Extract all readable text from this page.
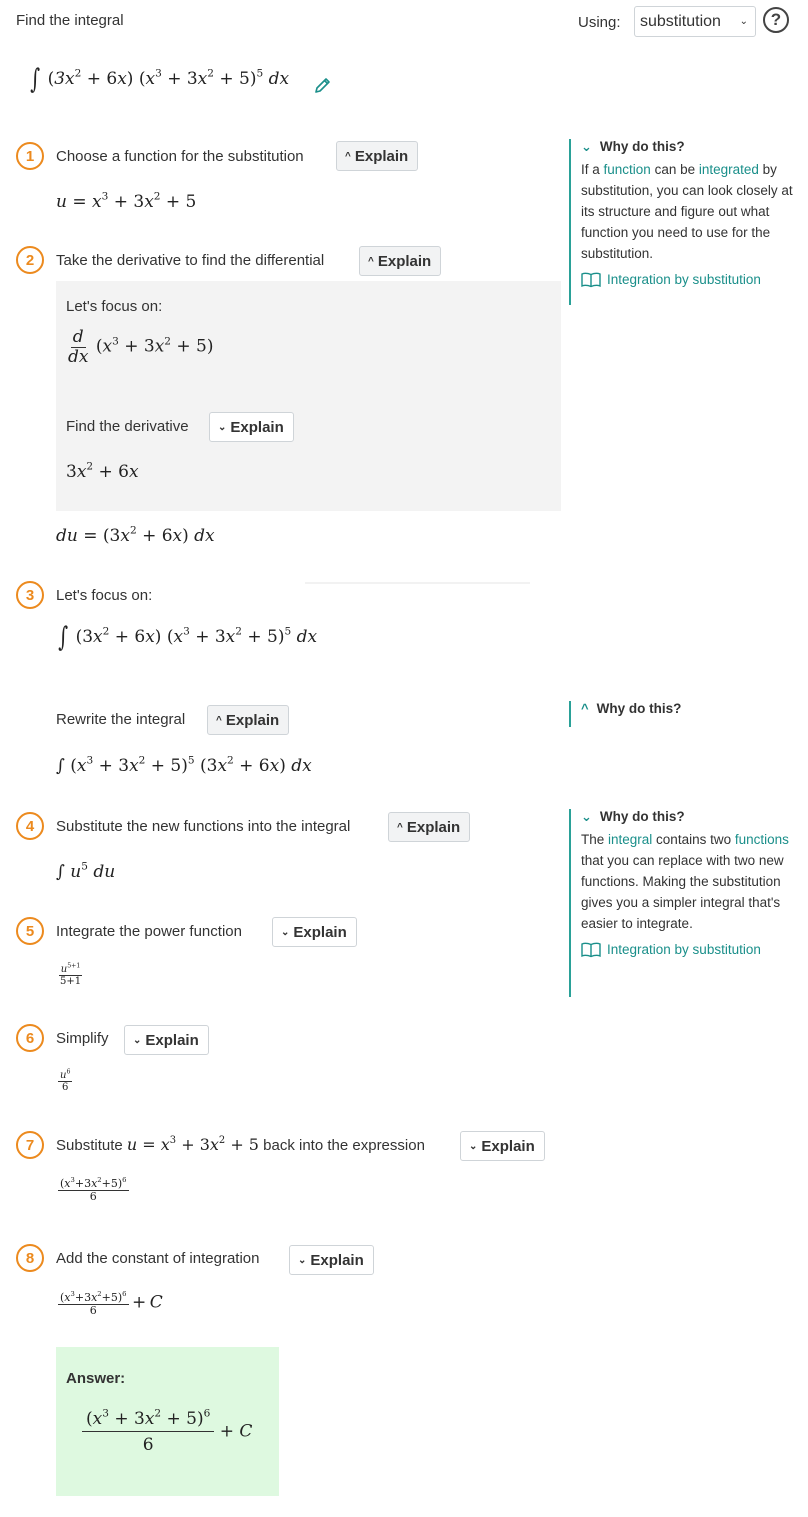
Find the integral	Using: substitution ⌄	?
∫ $(3x^2 + 6x) (x^3 + 3x^2 + 5)^5$ dx
1	Choose a function for the substitution	^ Explain
$u = x^3 + 3x^2 + 5$
⌄ Why do this?
If a function can be integrated by substitution, you can look closely at its structure and figure out what function you need to use for the substitution.
Integration by substitution
2	Take the derivative to find the differential	^ Explain
Let's focus on:
$\frac{d}{dx} (x^3 + 3x^2 + 5)$
Find the derivative	⌄ Explain
$3x^2 + 6x$
du = $(3x^2 + 6x)$ dx
3	Let's focus on:
∫ $(3x^2 + 6x) (x^3 + 3x^2 + 5)^5$ dx
Rewrite the integral	^ Explain
∫ $(x^3 + 3x^2 + 5)^5$ $(3x^2 + 6x)$ dx
^ Why do this?
4	Substitute the new functions into the integral	^ Explain
∫ $u^5$ du
⌄ Why do this?
The integral contains two functions that you can replace with two new functions. Making the substitution gives you a simpler integral that's easier to integrate.
Integration by substitution
5	Integrate the power function	⌄ Explain
$\frac{u^{5+1}}{5+1}$
6	Simplify ⌄ Explain
$\frac{u^6}{6}$
7	Substitute $u = x^3 + 3x^2 + 5$ back into the expression	⌄ Explain
$\frac{(x^3+3x^2+5)^6}{6}$
8	Add the constant of integration	⌄ Explain
$\frac{(x^3+3x^2+5)^6}{6} + C$
Answer:
$\frac{(x^3 + 3x^2 + 5)^6}{6} + C$
